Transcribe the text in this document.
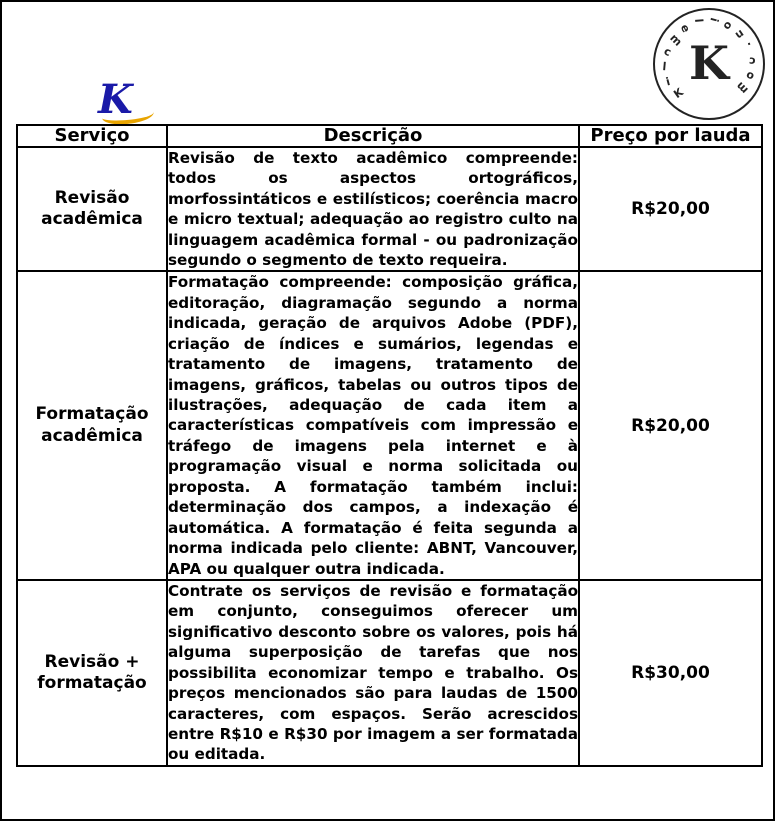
K
i
l
c
m
e
l i o
n
.
c
o
m
K
K
Serviço	Descrição	Preço por lauda
Revisão
acadêmica	Revisão de texto acadêmico compreende: todos os aspectos ortográficos, morfossintáticos e estilísticos; coerência macro e micro textual; adequação ao registro culto na linguagem acadêmica formal - ou padronização segundo o segmento de texto requeira.	R$20,00
Formatação acadêmica	Formatação compreende: composição gráfica, editoração, diagramação segundo a norma indicada, geração de arquivos Adobe (PDF), criação de índices e sumários, legendas e tratamento de imagens, tratamento de imagens, gráficos, tabelas ou outros tipos de ilustrações, adequação de cada item a características compatíveis com impressão e tráfego de imagens pela internet e à programação visual e norma solicitada ou proposta. A formatação também inclui: determinação dos campos, a indexação é automática. A formatação é feita segunda a norma indicada pelo cliente: ABNT, Vancouver, APA ou qualquer outra indicada.	R$20,00
Revisão +
formatação	Contrate os serviços de revisão e formatação em conjunto, conseguimos oferecer um significativo desconto sobre os valores, pois há alguma superposição de tarefas que nos possibilita economizar tempo e trabalho. Os preços mencionados são para laudas de 1500 caracteres, com espaços. Serão acrescidos entre R$10 e R$30 por imagem a ser formatada ou editada.	R$30,00
